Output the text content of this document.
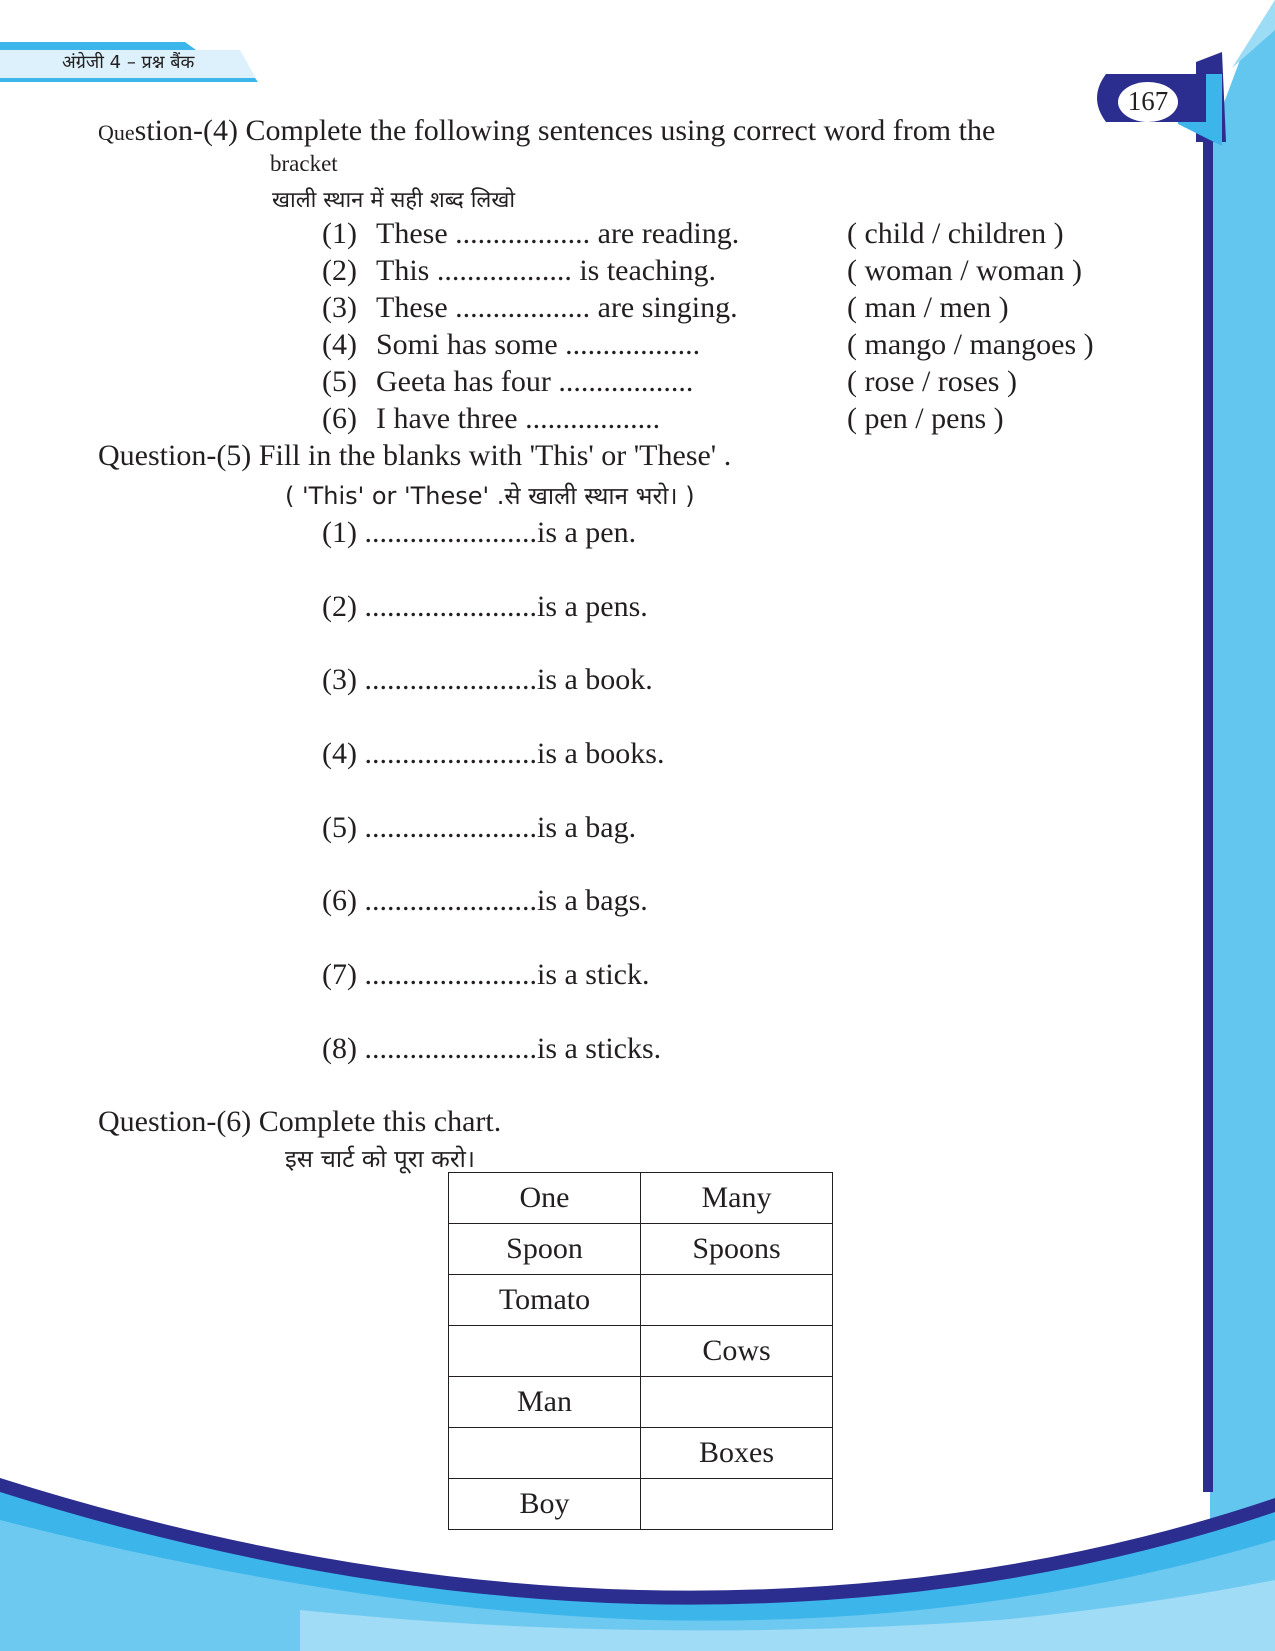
अंग्रेजी 4 – प्रश्न बैंक
167
Question-(4) Complete the following sentences using correct word from the
bracket
खाली स्थान में सही शब्द लिखो
(1) These .................. are reading.	( child / children )
(2) This .................. is teaching.	( woman / woman )
(3) These .................. are singing.	( man / men )
(4) Somi has some ..................	( mango / mangoes )
(5) Geeta has four ..................	( rose / roses )
(6) I have three ..................	( pen / pens )
Question-(5) Fill in the blanks with 'This' or 'These' .
( 'This' or 'These' .से खाली स्थान भरो। )
(1) .......................is a pen.
(2) .......................is a pens.
(3) .......................is a book.
(4) .......................is a books.
(5) .......................is a bag.
(6) .......................is a bags.
(7) .......................is a stick.
(8) .......................is a sticks.
Question-(6) Complete this chart.
इस चार्ट को पूरा करो।
One	Many
Spoon	Spoons
Tomato	
	Cows
Man	
	Boxes
Boy	
